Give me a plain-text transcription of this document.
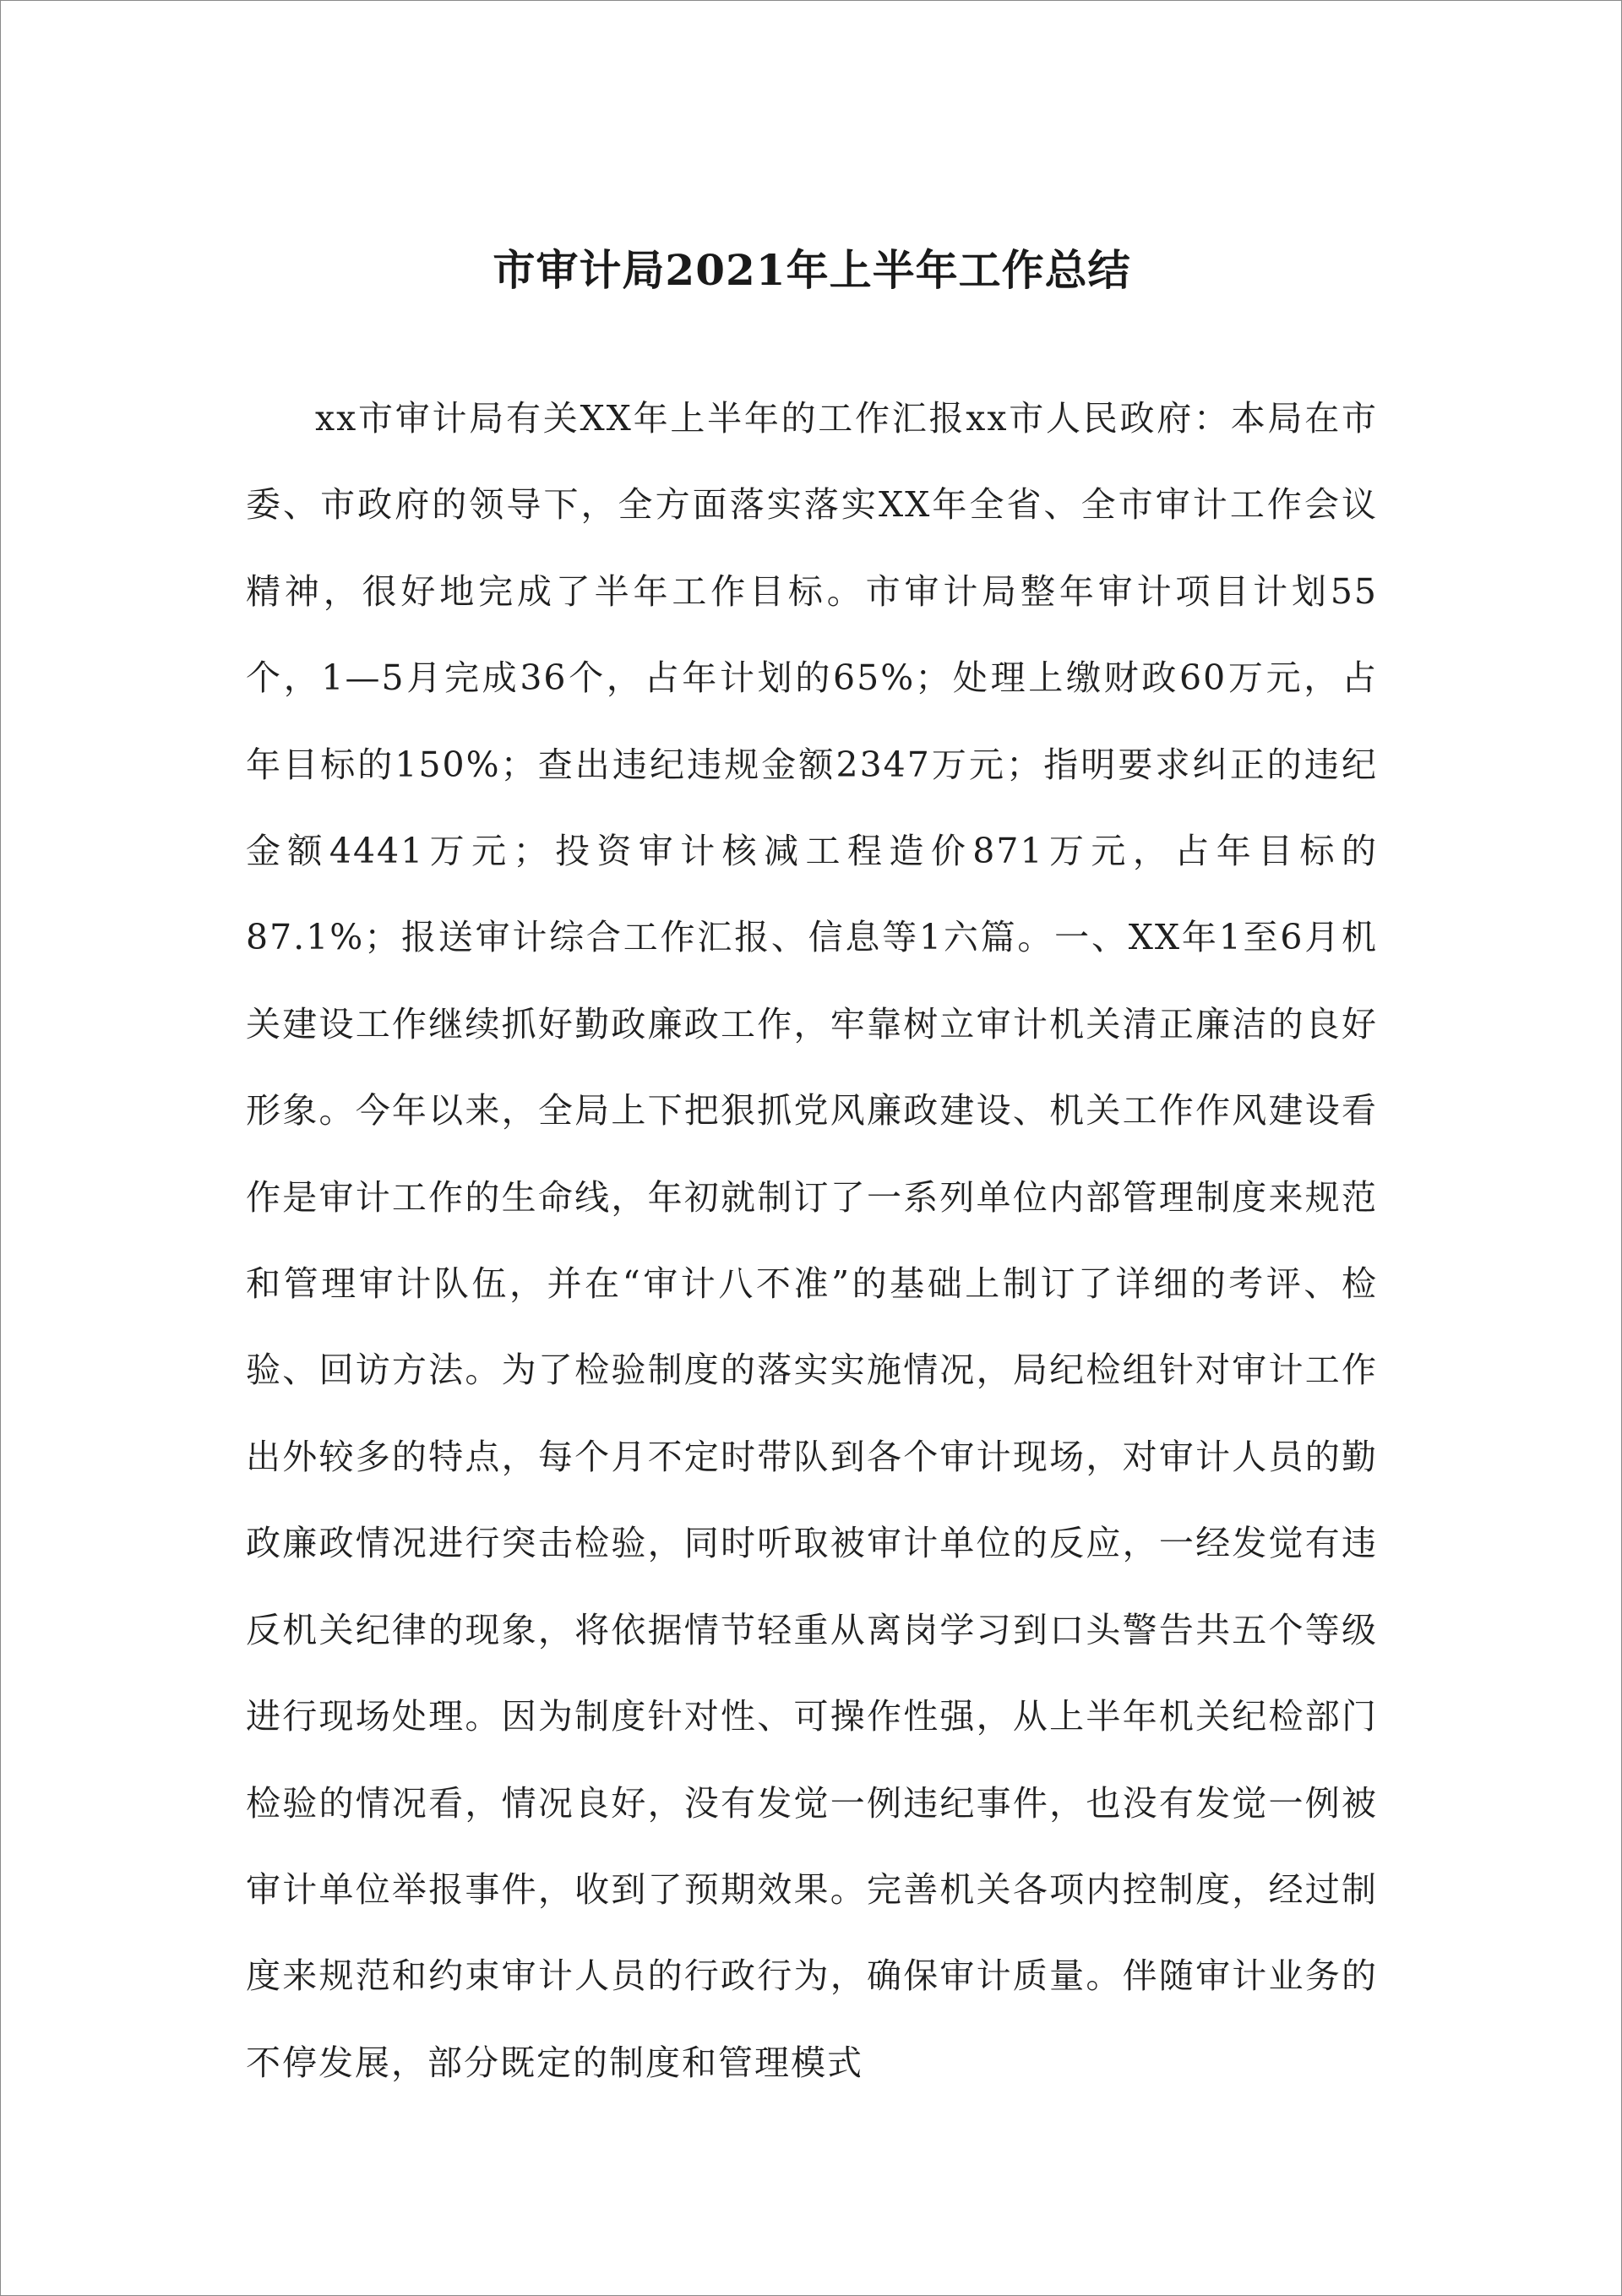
市审计局2021年上半年工作总结

xx市审计局有关XX年上半年的工作汇报xx市人民政府：本局在市委、市政府的领导下，全方面落实落实XX年全省、全市审计工作会议精神，很好地完成了半年工作目标。市审计局整年审计项目计划55个，1—5月完成36个，占年计划的65%；处理上缴财政60万元，占年目标的150%；查出违纪违规金额2347万元；指明要求纠正的违纪金额4441万元；投资审计核减工程造价871万元，占年目标的87.1%；报送审计综合工作汇报、信息等1六篇。一、XX年1至6月机关建设工作继续抓好勤政廉政工作，牢靠树立审计机关清正廉洁的良好形象。今年以来，全局上下把狠抓党风廉政建设、机关工作作风建设看作是审计工作的生命线，年初就制订了一系列单位内部管理制度来规范和管理审计队伍，并在“审计八不准”的基础上制订了详细的考评、检验、回访方法。为了检验制度的落实实施情况，局纪检组针对审计工作出外较多的特点，每个月不定时带队到各个审计现场，对审计人员的勤政廉政情况进行突击检验，同时听取被审计单位的反应，一经发觉有违反机关纪律的现象，将依据情节轻重从离岗学习到口头警告共五个等级进行现场处理。因为制度针对性、可操作性强，从上半年机关纪检部门检验的情况看，情况良好，没有发觉一例违纪事件，也没有发觉一例被审计单位举报事件，收到了预期效果。完善机关各项内控制度，经过制度来规范和约束审计人员的行政行为，确保审计质量。伴随审计业务的不停发展，部分既定的制度和管理模式
